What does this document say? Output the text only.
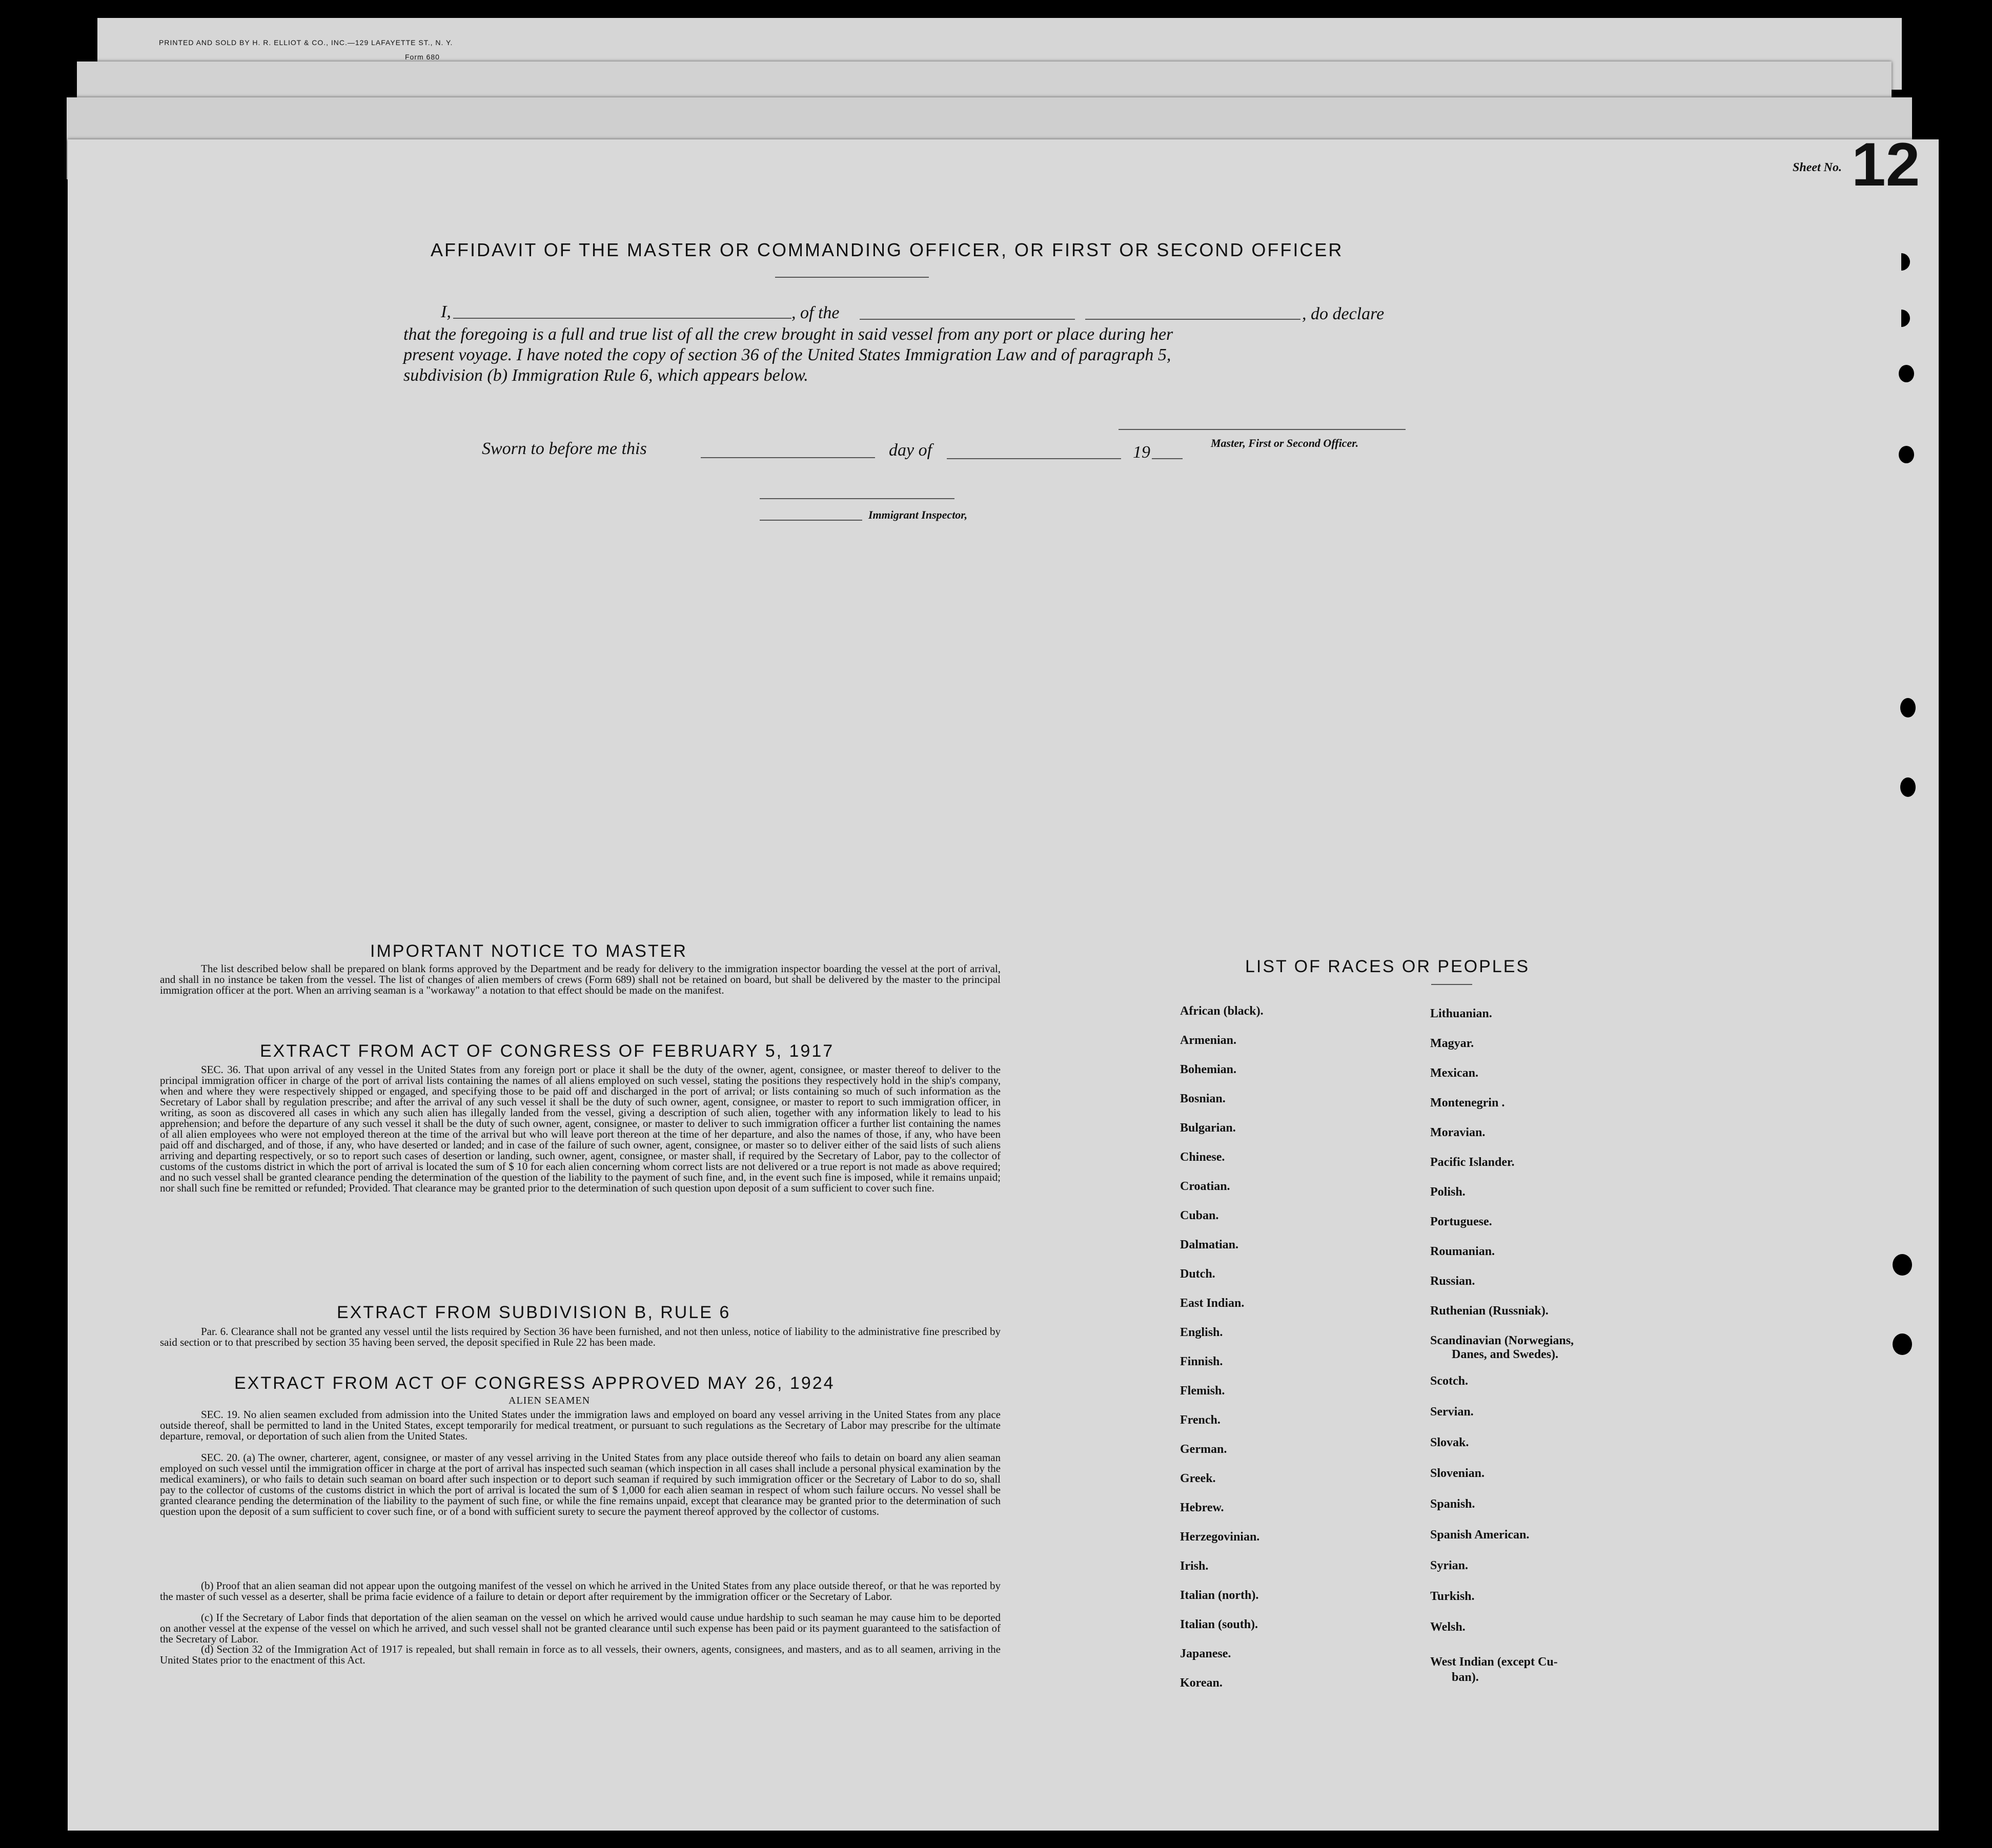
PRINTED AND SOLD BY H. R. ELLIOT & CO., INC.—129 LAFAYETTE ST., N. Y.
Form 680
Sheet No. 12
AFFIDAVIT OF THE MASTER OR COMMANDING OFFICER, OR FIRST OR SECOND OFFICER
I,	, of the	, do declare
that the foregoing is a full and true list of all the crew brought in said vessel from any port or place during her
present voyage. I have noted the copy of section 36 of the United States Immigration Law and of paragraph 5,
subdivision (b) Immigration Rule 6, which appears below.
Master, First or Second Officer.
Sworn to before me this	day of	19
Immigrant Inspector,
IMPORTANT NOTICE TO MASTER
The list described below shall be prepared on blank forms approved by the Department and be ready for delivery to the immigration inspector boarding the vessel at the port of arrival, and shall in no instance be taken from the vessel. The list of changes of alien members of crews (Form 689) shall not be retained on board, but shall be delivered by the master to the principal immigration officer at the port. When an arriving seaman is a "workaway" a notation to that effect should be made on the manifest.
EXTRACT FROM ACT OF CONGRESS OF FEBRUARY 5, 1917
SEC. 36. That upon arrival of any vessel in the United States from any foreign port or place it shall be the duty of the owner, agent, consignee, or master thereof to deliver to the principal immigration officer in charge of the port of arrival lists containing the names of all aliens employed on such vessel, stating the positions they respectively hold in the ship's company, when and where they were respectively shipped or engaged, and specifying those to be paid off and discharged in the port of arrival; or lists containing so much of such information as the Secretary of Labor shall by regulation prescribe; and after the arrival of any such vessel it shall be the duty of such owner, agent, consignee, or master to report to such immigration officer, in writing, as soon as discovered all cases in which any such alien has illegally landed from the vessel, giving a description of such alien, together with any information likely to lead to his apprehension; and before the departure of any such vessel it shall be the duty of such owner, agent, consignee, or master to deliver to such immigration officer a further list containing the names of all alien employees who were not employed thereon at the time of the arrival but who will leave port thereon at the time of her departure, and also the names of those, if any, who have been paid off and discharged, and of those, if any, who have deserted or landed; and in case of the failure of such owner, agent, consignee, or master so to deliver either of the said lists of such aliens arriving and departing respectively, or so to report such cases of desertion or landing, such owner, agent, consignee, or master shall, if required by the Secretary of Labor, pay to the collector of customs of the customs district in which the port of arrival is located the sum of $ 10 for each alien concerning whom correct lists are not delivered or a true report is not made as above required; and no such vessel shall be granted clearance pending the determination of the question of the liability to the payment of such fine, and, in the event such fine is imposed, while it remains unpaid; nor shall such fine be remitted or refunded; Provided. That clearance may be granted prior to the determination of such question upon deposit of a sum sufficient to cover such fine.
EXTRACT FROM SUBDIVISION B, RULE 6
Par. 6. Clearance shall not be granted any vessel until the lists required by Section 36 have been furnished, and not then unless, notice of liability to the administrative fine prescribed by said section or to that prescribed by section 35 having been served, the deposit specified in Rule 22 has been made.
EXTRACT FROM ACT OF CONGRESS APPROVED MAY 26, 1924
ALIEN SEAMEN
SEC. 19. No alien seamen excluded from admission into the United States under the immigration laws and employed on board any vessel arriving in the United States from any place outside thereof, shall be permitted to land in the United States, except temporarily for medical treatment, or pursuant to such regulations as the Secretary of Labor may prescribe for the ultimate departure, removal, or deportation of such alien from the United States.
SEC. 20. (a) The owner, charterer, agent, consignee, or master of any vessel arriving in the United States from any place outside thereof who fails to detain on board any alien seaman employed on such vessel until the immigration officer in charge at the port of arrival has inspected such seaman (which inspection in all cases shall include a personal physical examination by the medical examiners), or who fails to detain such seaman on board after such inspection or to deport such seaman if required by such immigration officer or the Secretary of Labor to do so, shall pay to the collector of customs of the customs district in which the port of arrival is located the sum of $ 1,000 for each alien seaman in respect of whom such failure occurs. No vessel shall be granted clearance pending the determination of the liability to the payment of such fine, or while the fine remains unpaid, except that clearance may be granted prior to the determination of such question upon the deposit of a sum sufficient to cover such fine, or of a bond with sufficient surety to secure the payment thereof approved by the collector of customs.
(b) Proof that an alien seaman did not appear upon the outgoing manifest of the vessel on which he arrived in the United States from any place outside thereof, or that he was reported by the master of such vessel as a deserter, shall be prima facie evidence of a failure to detain or deport after requirement by the immigration officer or the Secretary of Labor.
(c) If the Secretary of Labor finds that deportation of the alien seaman on the vessel on which he arrived would cause undue hardship to such seaman he may cause him to be deported on another vessel at the expense of the vessel on which he arrived, and such vessel shall not be granted clearance until such expense has been paid or its payment guaranteed to the satisfaction of the Secretary of Labor.
(d) Section 32 of the Immigration Act of 1917 is repealed, but shall remain in force as to all vessels, their owners, agents, consignees, and masters, and as to all seamen, arriving in the United States prior to the enactment of this Act.
LIST OF RACES OR PEOPLES
African (black).
Armenian.
Bohemian.
Bosnian.
Bulgarian.
Chinese.
Croatian.
Cuban.
Dalmatian.
Dutch.
East Indian.
English.
Finnish.
Flemish.
French.
German.
Greek.
Hebrew.
Herzegovinian.
Irish.
Italian (north).
Italian (south).
Japanese.
Korean.
Lithuanian.
Magyar.
Mexican.
Montenegrin .
Moravian.
Pacific Islander.
Polish.
Portuguese.
Roumanian.
Russian.
Ruthenian (Russniak).
Scandinavian (Norwegians,
Danes, and Swedes).
Scotch.
Servian.
Slovak.
Slovenian.
Spanish.
Spanish American.
Syrian.
Turkish.
Welsh.
West Indian (except Cu-
ban).
